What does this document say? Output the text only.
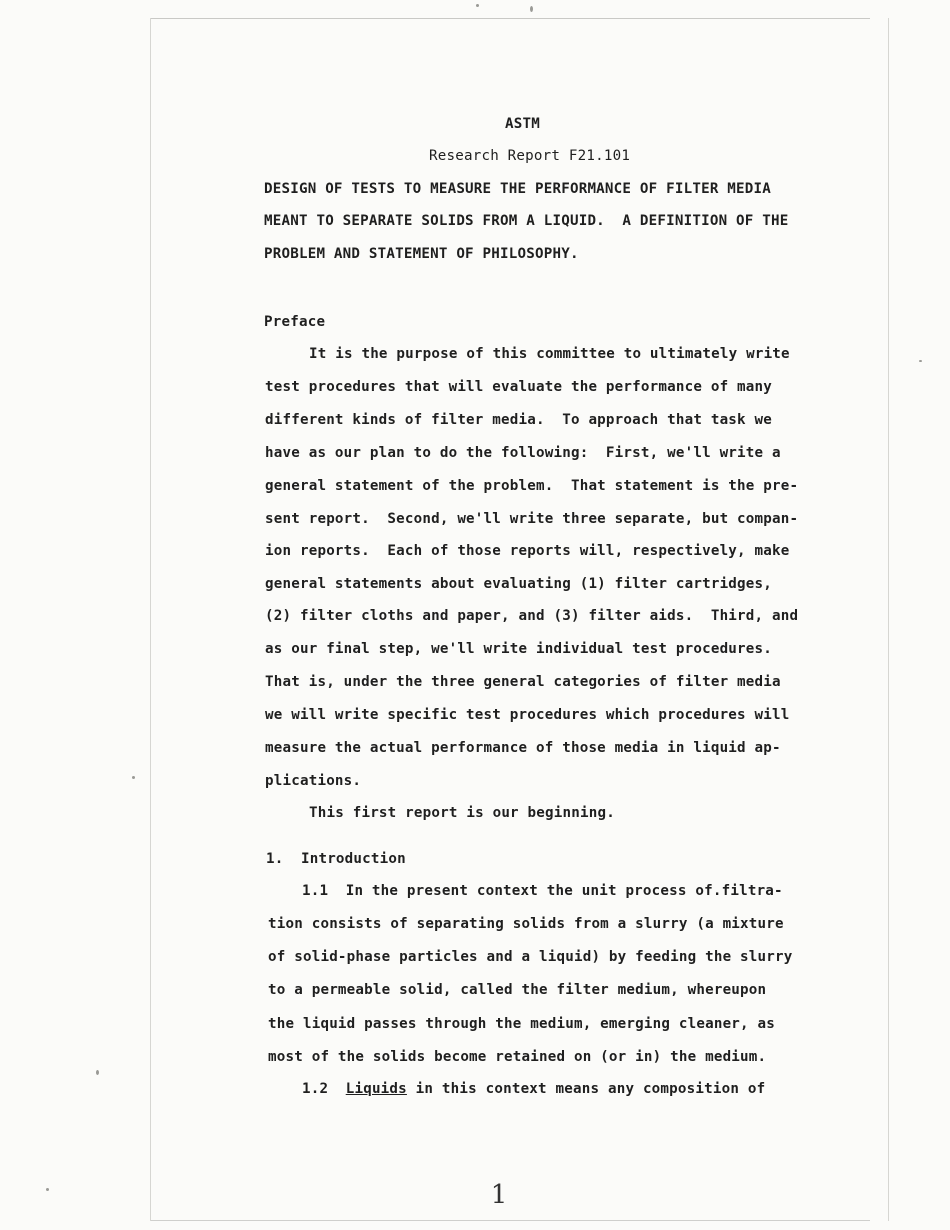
ASTM

Research Report F21.101

DESIGN OF TESTS TO MEASURE THE PERFORMANCE OF FILTER MEDIA

MEANT TO SEPARATE SOLIDS FROM A LIQUID.  A DEFINITION OF THE

PROBLEM AND STATEMENT OF PHILOSOPHY.

Preface

It is the purpose of this committee to ultimately write

test procedures that will evaluate the performance of many

different kinds of filter media.  To approach that task we

have as our plan to do the following:  First, we'll write a

general statement of the problem.  That statement is the pre-

sent report.  Second, we'll write three separate, but compan-

ion reports.  Each of those reports will, respectively, make

general statements about evaluating (1) filter cartridges,

(2) filter cloths and paper, and (3) filter aids.  Third, and

as our final step, we'll write individual test procedures.

That is, under the three general categories of filter media

we will write specific test procedures which procedures will

measure the actual performance of those media in liquid ap-

plications.

This first report is our beginning.

1.  Introduction

1.1  In the present context the unit process of.filtra-

tion consists of separating solids from a slurry (a mixture

of solid-phase particles and a liquid) by feeding the slurry

to a permeable solid, called the filter medium, whereupon

the liquid passes through the medium, emerging cleaner, as

most of the solids become retained on (or in) the medium.

1.2 Liquids in this context means any composition of

1
